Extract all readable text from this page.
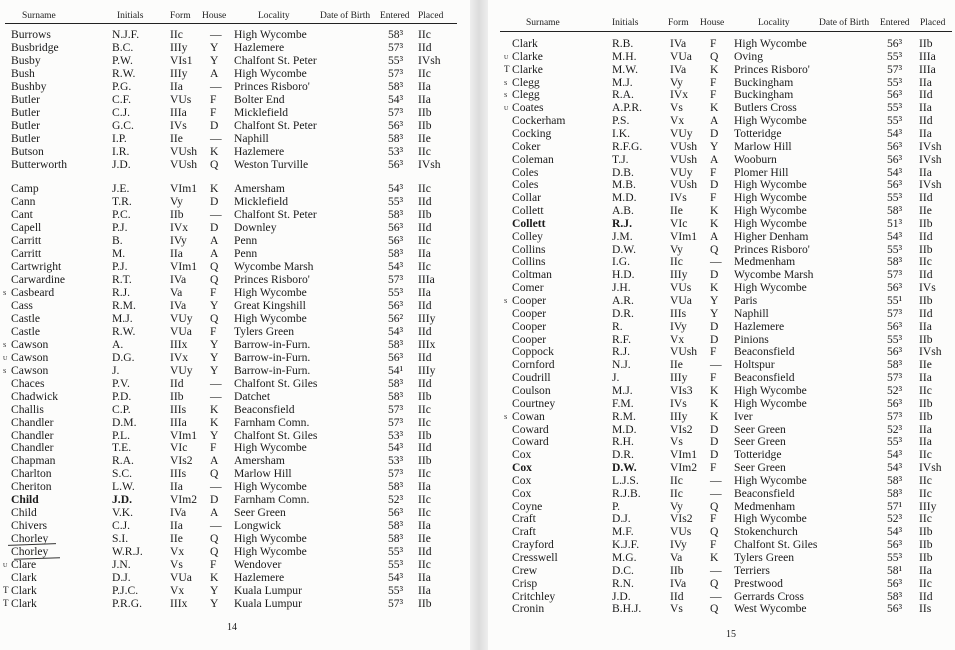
Surname	Initials	Form House	Locality	Date of Birth Entered Placed
Burrows	N.J.F.	IIc — High Wycombe	58³ IIc
Busbridge	B.C.	IIIy Y Hazlemere	57³ IId
Busby	P.W.	VIs1 Y Chalfont St. Peter	55³ IVsh
Bush	R.W.	IIIy A High Wycombe	57³ IIc
Bushby	P.G.	IIa — Princes Risboro'	58³ IIa
Butler	C.F.	VUs F Bolter End	54³ IIa
Butler	C.J.	IIIa F Micklefield	57³ IIb
Butler	G.C.	IVs D Chalfont St. Peter	56³ IIb
Butler	I.P.	IIe — Naphill	58³ IIe
Butson	I.R.	VUsh K Hazlemere	53³ IIc
Butterworth	J.D.	VUsh Q Weston Turville	56³ IVsh
Camp	J.E.	VIm1 K Amersham	54³ IIc
Cann	T.R.	Vy D Micklefield	55³ IId
Cant	P.C.	IIb — Chalfont St. Peter	58³ IIb
Capell	P.J.	IVx D Downley	56³ IId
Carritt	B.	IVy A Penn	56³ IIc
Carritt	M.	IIa A Penn	58³ IIa
Cartwright	P.J.	VIm1 Q Wycombe Marsh	54³ IIc
Carwardine	R.T.	IVa Q Princes Risboro'	57³ IIIa
Casbeard	R.J.	Va F High Wycombe	55³ IIa
s
Cass	R.M.	IVa Y Great Kingshill	56³ IId
Castle	M.J.	VUy Q High Wycombe	56² IIIy
Castle	R.W.	VUa F Tylers Green	54³ IId
Cawson	A.	IIIx Y Barrow-in-Furn.	58³ IIIx
s
Cawson	D.G.	IVx Y Barrow-in-Furn.	56³ IId
u
Cawson	J.	VUy Y Barrow-in-Furn.	54¹ IIIy
s
Chaces	P.V.	IId — Chalfont St. Giles	58³ IId
Chadwick	P.D.	IIb — Datchet	58³ IIb
Challis	C.P.	IIIs K Beaconsfield	57³ IIc
Chandler	D.M.	IIIa K Farnham Comn.	57³ IIc
Chandler	P.L.	VIm1 Y Chalfont St. Giles	53³ IIb
Chandler	T.E.	VIc F High Wycombe	54³ IId
Chapman	R.A.	VIs2 A Amersham	53³ IIb
Charlton	S.C.	IIIs Q Marlow Hill	57³ IIc
Cheriton	L.W.	IIa — High Wycombe	58³ IIa
Child	J.D.	VIm2 D Farnham Comn.	52³ IIc
Child	V.K.	IVa A Seer Green	56³ IIc
Chivers	C.J.	IIa — Longwick	58³ IIa
Chorley	S.I.	IIe Q High Wycombe	58³ IIe
Chorley	W.R.J. Vx Q High Wycombe	55³ IId
Clare	J.N.	Vs F Wendover	55³ IIc
u
Clark	D.J.	VUa K Hazlemere	54³ IIa
Clark	P.J.C.	Vx Y Kuala Lumpur	55³ IIa
T
Clark	P.R.G. IIIx Y Kuala Lumpur	57³ IIb
T
14
Surname	Initials	Form House	Locality	Date of Birth Entered Placed
Clark	R.B.	IVa F High Wycombe	56³ IIb
Clarke	M.H.	VUa Q Oving	55³ IIIa
u
Clarke	M.W.	IVa K Princes Risboro'	57³ IIIa
T
Clegg	M.J.	Vy F Buckingham	55³ IIa
s
Clegg	R.A.	IVx F Buckingham	56³ IId
s
Coates	A.P.R. Vs K Butlers Cross	55³ IIa
u
Cockerham	P.S.	Vx A High Wycombe	55³ IId
Cocking	I.K.	VUy D Totteridge	54³ IIa
Coker	R.F.G. VUsh Y Marlow Hill	56³ IVsh
Coleman	T.J.	VUsh A Wooburn	56³ IVsh
Coles	D.B.	VUy F Plomer Hill	54³ IIa
Coles	M.B.	VUsh D High Wycombe	56³ IVsh
Collar	M.D.	IVs F High Wycombe	55³ IId
Collett	A.B.	IIe K High Wycombe	58³ IIe
Collett	R.J.	VIc K High Wycombe	51³ IIb
Colley	J.M.	VIm1 A Higher Denham	54³ IId
Collins	D.W.	Vy Q Princes Risboro'	55³ IIb
Collins	I.G.	IIc — Medmenham	58³ IIc
Coltman	H.D.	IIIy D Wycombe Marsh	57³ IId
Comer	J.H.	VUs K High Wycombe	56³ IVs
Cooper	A.R.	VUa Y Paris	55¹ IIb
s
Cooper	D.R.	IIIs Y Naphill	57³ IId
Cooper	R.	IVy D Hazlemere	56³ IIa
Cooper	R.F.	Vx D Pinions	55³ IIb
Coppock	R.J.	VUsh F Beaconsfield	56³ IVsh
Cornford	N.J.	IIe — Holtspur	58³ IIe
Coudrill	J.	IIIy F Beaconsfield	57³ IIa
Coulson	M.J.	VIs3 K High Wycombe	52³ IIc
Courtney	F.M.	IVs K High Wycombe	56³ IIb
Cowan	R.M.	IIIy K Iver	57³ IIb
s
Coward	M.D.	VIs2 D Seer Green	52³ IIa
Coward	R.H.	Vs D Seer Green	55³ IIa
Cox	D.R.	VIm1 D Totteridge	54³ IIc
Cox	D.W.	VIm2 F Seer Green	54³ IVsh
Cox	L.J.S.	IIc — High Wycombe	58³ IIc
Cox	R.J.B.	IIc — Beaconsfield	58³ IIc
Coyne	P.	Vy Q Medmenham	57¹ IIIy
Craft	D.J.	VIs2 F High Wycombe	52³ IIc
Craft	M.F.	VUs Q Stokenchurch	54³ IIb
Crayford	K.J.F.	IVy F Chalfont St. Giles	56³ IIb
Cresswell	M.G.	Va K Tylers Green	55³ IIb
Crew	D.C.	IIb — Terriers	58¹ IIa
Crisp	R.N.	IVa Q Prestwood	56³ IIc
Critchley	J.D.	IId — Gerrards Cross	58³ IId
Cronin	B.H.J. Vs Q West Wycombe	56³ IIs
15
